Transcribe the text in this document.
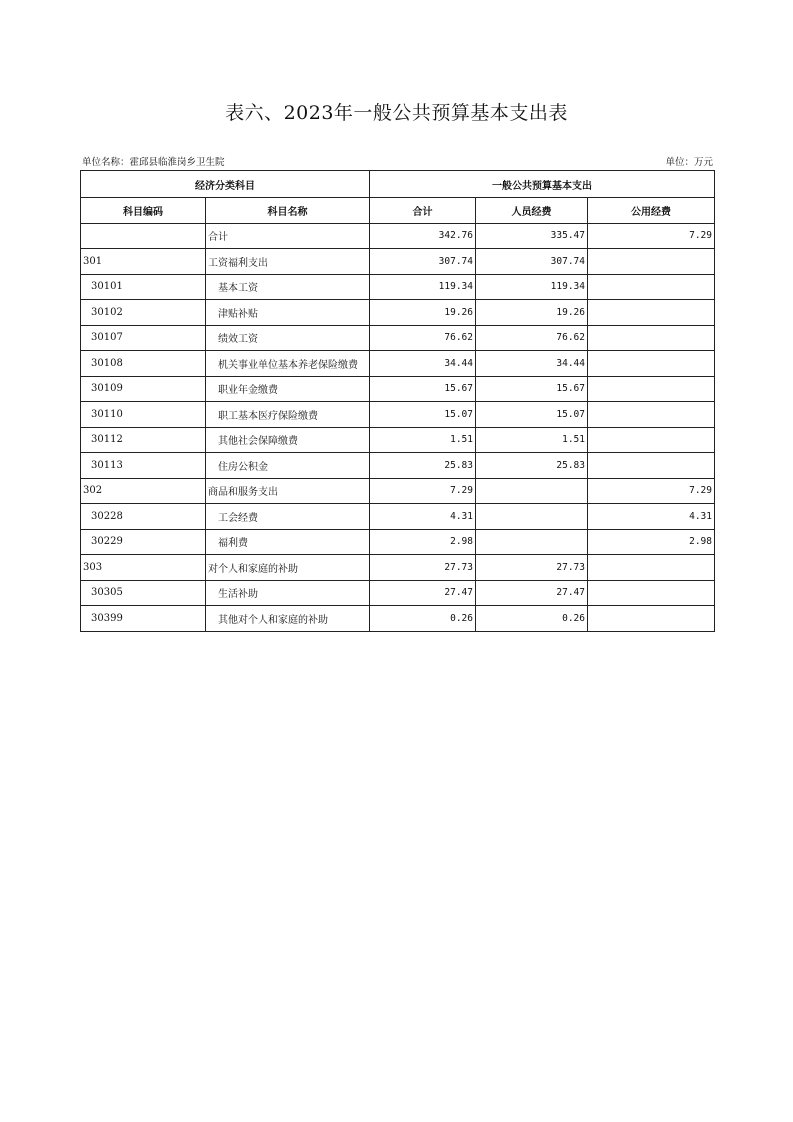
表六、2023年一般公共预算基本支出表
单位名称：霍邱县临淮岗乡卫生院	单位：万元
经济分类科目		一般公共预算基本支出		
科目编码	科目名称	合计	人员经费	公用经费
	合计	342.76	335.47	7.29
301	工资福利支出	307.74	307.74	
30101	基本工资	119.34	119.34	
30102	津贴补贴	19.26	19.26	
30107	绩效工资	76.62	76.62	
30108	机关事业单位基本养老保险缴费	34.44	34.44	
30109	职业年金缴费	15.67	15.67	
30110	职工基本医疗保险缴费	15.07	15.07	
30112	其他社会保障缴费	1.51	1.51	
30113	住房公积金	25.83	25.83	
302	商品和服务支出	7.29		7.29
30228	工会经费	4.31		4.31
30229	福利费	2.98		2.98
303	对个人和家庭的补助	27.73	27.73	
30305	生活补助	27.47	27.47	
30399	其他对个人和家庭的补助	0.26	0.26	
